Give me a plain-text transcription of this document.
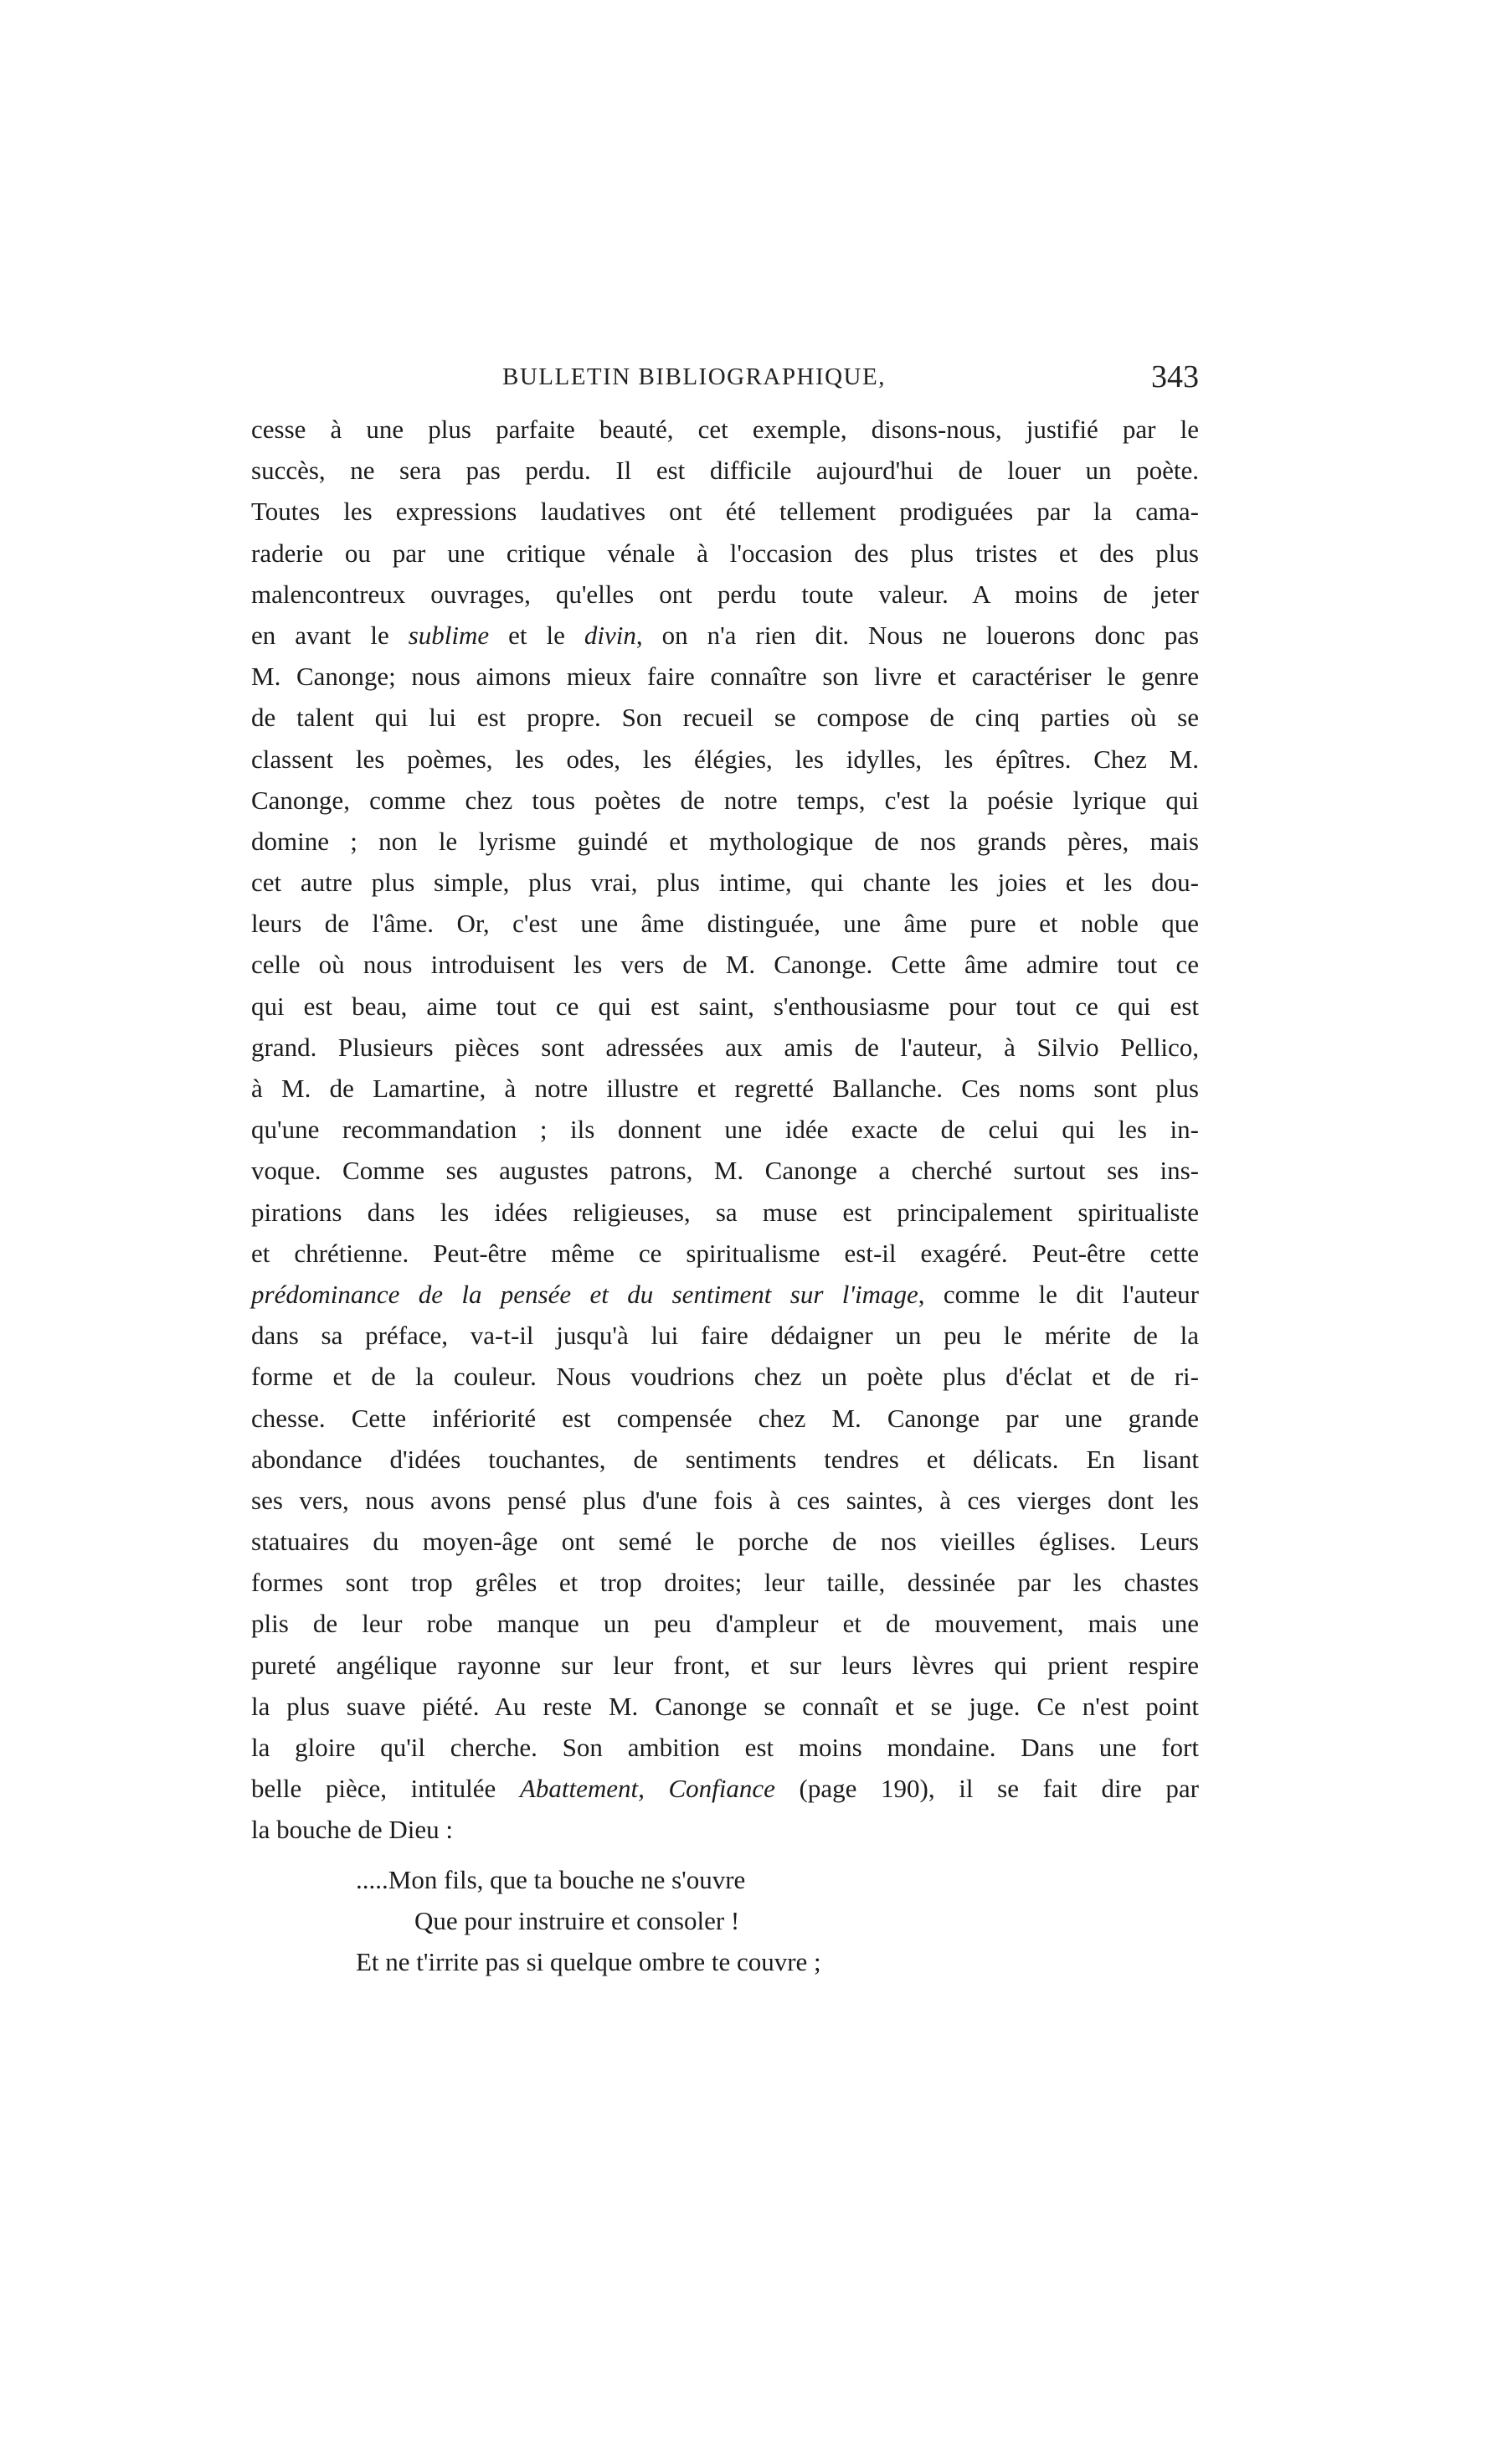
BULLETIN BIBLIOGRAPHIQUE,	343
cesse à une plus parfaite beauté, cet exemple, disons-nous, justifié par le
succès, ne sera pas perdu. Il est difficile aujourd'hui de louer un poète.
Toutes les expressions laudatives ont été tellement prodiguées par la cama-
raderie ou par une critique vénale à l'occasion des plus tristes et des plus
malencontreux ouvrages, qu'elles ont perdu toute valeur. A moins de jeter
en avant le sublime et le divin, on n'a rien dit. Nous ne louerons donc pas
M. Canonge; nous aimons mieux faire connaître son livre et caractériser le genre
de talent qui lui est propre. Son recueil se compose de cinq parties où se
classent les poèmes, les odes, les élégies, les idylles, les épîtres. Chez M.
Canonge, comme chez tous poètes de notre temps, c'est la poésie lyrique qui
domine ; non le lyrisme guindé et mythologique de nos grands pères, mais
cet autre plus simple, plus vrai, plus intime, qui chante les joies et les dou-
leurs de l'âme. Or, c'est une âme distinguée, une âme pure et noble que
celle où nous introduisent les vers de M. Canonge. Cette âme admire tout ce
qui est beau, aime tout ce qui est saint, s'enthousiasme pour tout ce qui est
grand. Plusieurs pièces sont adressées aux amis de l'auteur, à Silvio Pellico,
à M. de Lamartine, à notre illustre et regretté Ballanche. Ces noms sont plus
qu'une recommandation ; ils donnent une idée exacte de celui qui les in-
voque. Comme ses augustes patrons, M. Canonge a cherché surtout ses ins-
pirations dans les idées religieuses, sa muse est principalement spiritualiste
et chrétienne. Peut-être même ce spiritualisme est-il exagéré. Peut-être cette
prédominance de la pensée et du sentiment sur l'image, comme le dit l'auteur
dans sa préface, va-t-il jusqu'à lui faire dédaigner un peu le mérite de la
forme et de la couleur. Nous voudrions chez un poète plus d'éclat et de ri-
chesse. Cette infériorité est compensée chez M. Canonge par une grande
abondance d'idées touchantes, de sentiments tendres et délicats. En lisant
ses vers, nous avons pensé plus d'une fois à ces saintes, à ces vierges dont les
statuaires du moyen-âge ont semé le porche de nos vieilles églises. Leurs
formes sont trop grêles et trop droites; leur taille, dessinée par les chastes
plis de leur robe manque un peu d'ampleur et de mouvement, mais une
pureté angélique rayonne sur leur front, et sur leurs lèvres qui prient respire
la plus suave piété. Au reste M. Canonge se connaît et se juge. Ce n'est point
la gloire qu'il cherche. Son ambition est moins mondaine. Dans une fort
belle pièce, intitulée Abattement, Confiance (page 190), il se fait dire par
la bouche de Dieu :
.....Mon fils, que ta bouche ne s'ouvre
Que pour instruire et consoler !
Et ne t'irrite pas si quelque ombre te couvre ;
